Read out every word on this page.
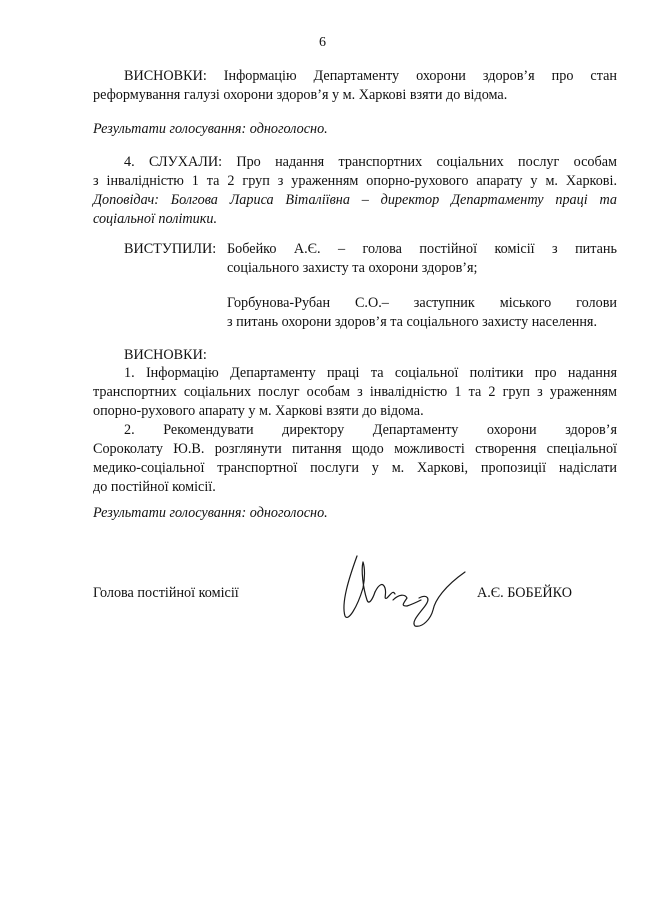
6
ВИСНОВКИ: Інформацію Департаменту охорони здоров’я про стан
реформування галузі охорони здоров’я у м. Харкові взяти до відома.
Результати голосування: одноголосно.
4. СЛУХАЛИ: Про надання транспортних соціальних послуг особам
з інвалідністю 1 та 2 груп з ураженням опорно-рухового апарату у м. Харкові.
Доповідач: Болгова Лариса Віталіївна – директор Департаменту праці та
соціальної політики.
ВИСТУПИЛИ: Бобейко А.Є. – голова постійної комісії з питань
соціального захисту та охорони здоров’я;
Горбунова-Рубан С.О.– заступник міського голови
з питань охорони здоров’я та соціального захисту населення.
ВИСНОВКИ:
1. Інформацію Департаменту праці та соціальної політики про надання
транспортних соціальних послуг особам з інвалідністю 1 та 2 груп з ураженням
опорно-рухового апарату у м. Харкові взяти до відома.
2. Рекомендувати директору Департаменту охорони здоров’я
Сороколату Ю.В. розглянути питання щодо можливості створення спеціальної
медико-соціальної транспортної послуги у м. Харкові, пропозиції надіслати
до постійної комісії.
Результати голосування: одноголосно.
Голова постійної комісії	А.Є. БОБЕЙКО
